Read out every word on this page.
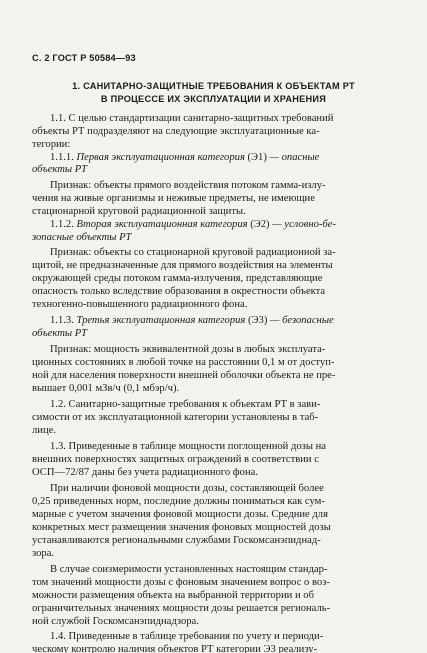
С. 2 ГОСТ Р 50584—93
1. САНИТАРНО-ЗАЩИТНЫЕ ТРЕБОВАНИЯ К ОБЪЕКТАМ РТ
В ПРОЦЕССЕ ИХ ЭКСПЛУАТАЦИИ И ХРАНЕНИЯ
1.1. С целью стандартизации санитарно-защитных требований
объекты РТ подразделяют на следующие эксплуатационные ка-
тегории:
1.1.1. Первая эксплуатационная категория (Э1) — опасные
объекты РТ
Признак: объекты прямого воздействия потоком гамма-излу-
чения на живые организмы и неживые предметы, не имеющие
стационарной круговой радиационной защиты.
1.1.2. Вторая эксплуатационная категория (Э2) — условно-бе-
зопасные объекты РТ
Признак: объекты со стационарной круговой радиационной за-
щитой, не предназначенные для прямого воздействия на элементы
окружающей среды потоком гамма-излучения, представляющие
опасность только вследствие образования в окрестности объекта
техногенно-повышенного радиационного фона.
1.1.3. Третья эксплуатационная категория (Э3) — безопасные
объекты РТ
Признак: мощность эквивалентной дозы в любых эксплуата-
ционных состояниях в любой точке на расстоянии 0,1 м от доступ-
ной для населения поверхности внешней оболочки объекта не пре-
вышает 0,001 мЗв/ч (0,1 мбэр/ч).
1.2. Санитарно-защитные требования к объектам РТ в зави-
симости от их эксплуатационной категории установлены в таб-
лице.
1.3. Приведенные в таблице мощности поглощенной дозы на
внешних поверхностях защитных ограждений в соответствии с
ОСП—72/87 даны без учета радиационного фона.
При наличии фоновой мощности дозы, составляющей более
0,25 приведенных норм, последние должны пониматься как сум-
марные с учетом значения фоновой мощности дозы. Средние для
конкретных мест размещения значения фоновых мощностей дозы
устанавливаются региональными службами Госкомсанэпиднад-
зора.
В случае соизмеримости установленных настоящим стандар-
том значений мощности дозы с фоновым значением вопрос о воз-
можности размещения объекта на выбранной территории и об
ограничительных значениях мощности дозы решается региональ-
ной службой Госкомсанэпиднадзора.
1.4. Приведенные в таблице требования по учету и периоди-
ческому контролю наличия объектов РТ категории Э3 реализу-
